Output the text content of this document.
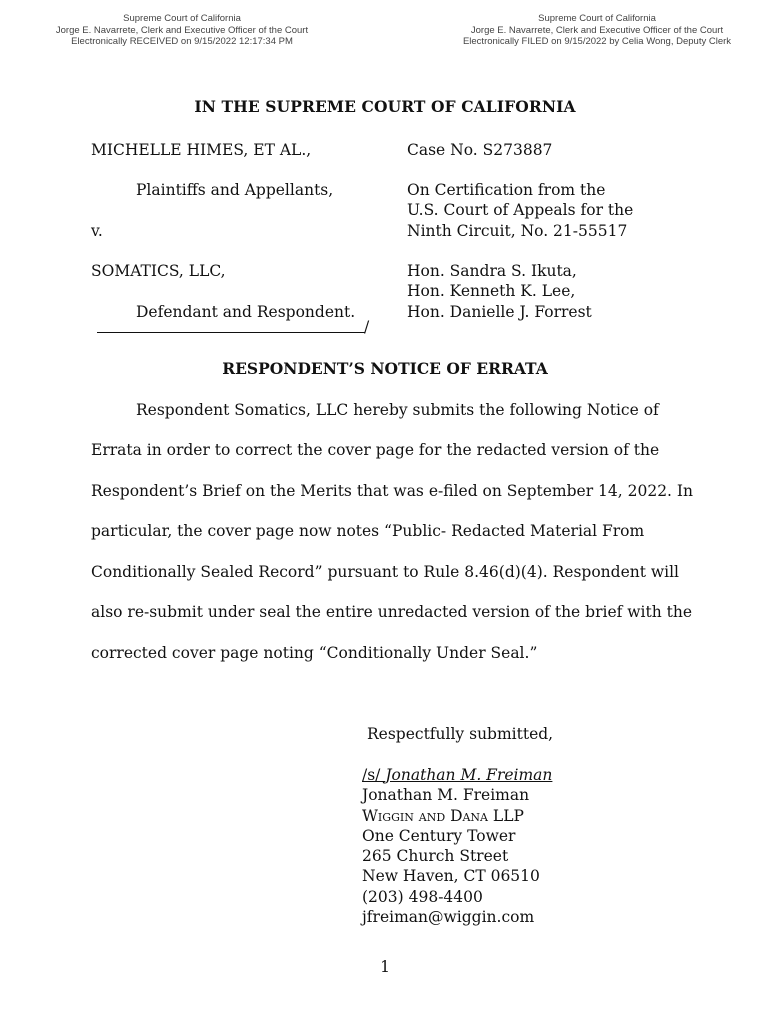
Supreme Court of California
Jorge E. Navarrete, Clerk and Executive Officer of the Court
Electronically RECEIVED on 9/15/2022 12:17:34 PM
Supreme Court of California
Jorge E. Navarrete, Clerk and Executive Officer of the Court
Electronically FILED on 9/15/2022 by Celia Wong, Deputy Clerk
IN THE SUPREME COURT OF CALIFORNIA
MICHELLE HIMES, ET AL.,
Plaintiffs and Appellants,
v.
SOMATICS, LLC,
Defendant and Respondent.
/
Case No. S273887
On Certification from the
U.S. Court of Appeals for the
Ninth Circuit, No. 21-55517
Hon. Sandra S. Ikuta,
Hon. Kenneth K. Lee,
Hon. Danielle J. Forrest
RESPONDENT’S NOTICE OF ERRATA
Respondent Somatics, LLC hereby submits the following Notice of
Errata in order to correct the cover page for the redacted version of the
Respondent’s Brief on the Merits that was e-filed on September 14, 2022. In
particular, the cover page now notes “Public- Redacted Material From
Conditionally Sealed Record” pursuant to Rule 8.46(d)(4). Respondent will
also re-submit under seal the entire unredacted version of the brief with the
corrected cover page noting “Conditionally Under Seal.”
Respectfully submitted,
/s/ Jonathan M. Freiman
Jonathan M. Freiman
Wiggin and Dana LLP
One Century Tower
265 Church Street
New Haven, CT 06510
(203) 498-4400
jfreiman@wiggin.com
1
